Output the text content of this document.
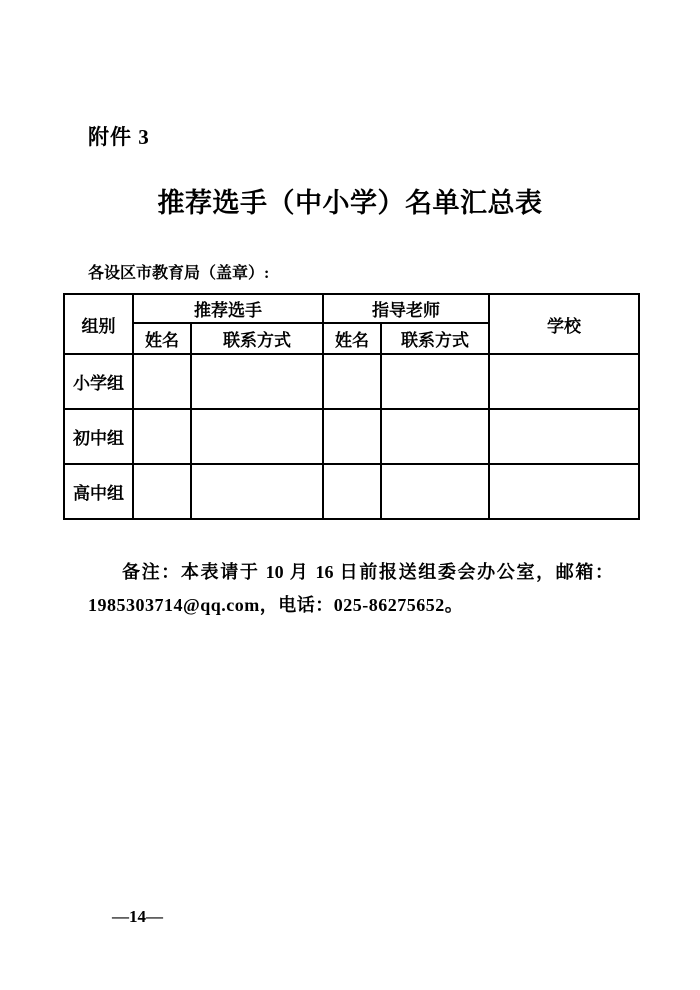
附件 3
推荐选手（中小学）名单汇总表
各设区市教育局（盖章）:
组别	推荐选手		指导老师		学校
	姓名	联系方式	姓名	联系方式	
小学组					
初中组					
高中组					

备注：本表请于 10 月 16 日前报送组委会办公室，邮箱：
1985303714@qq.com，电话：025-86275652。

—14—
